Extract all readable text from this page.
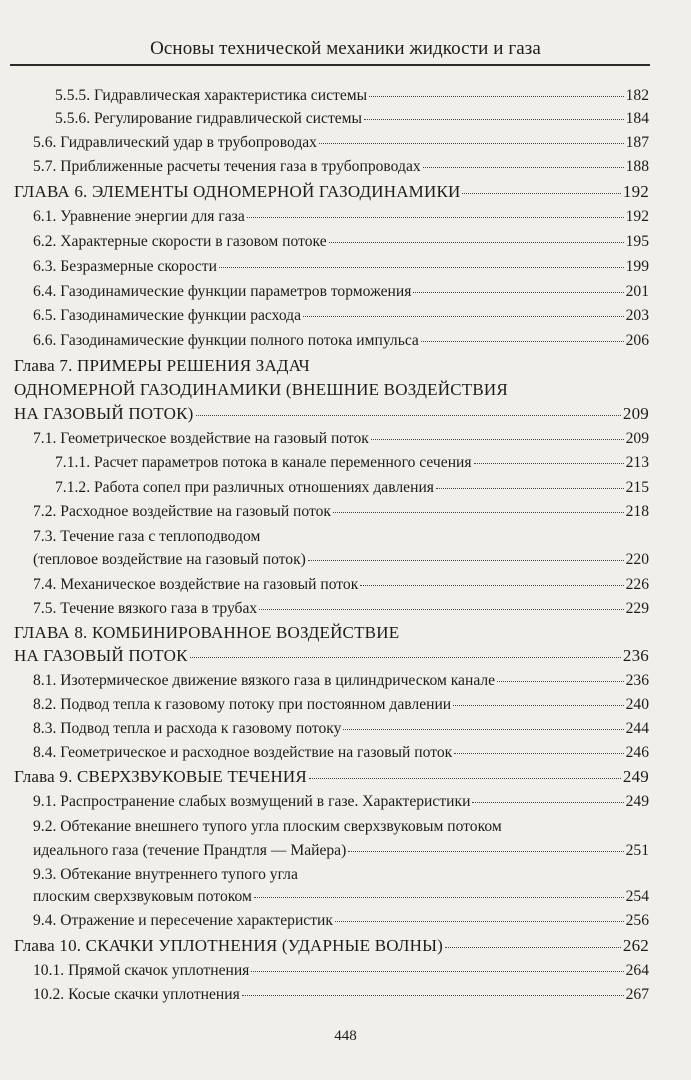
Основы технической механики жидкости и газа
5.5.5. Гидравлическая характеристика системы	182
5.5.6. Регулирование гидравлической системы	184
5.6. Гидравлический удар в трубопроводах	187
5.7. Приближенные расчеты течения газа в трубопроводах	188
ГЛАВА 6. ЭЛЕМЕНТЫ ОДНОМЕРНОЙ ГАЗОДИНАМИКИ	192
6.1. Уравнение энергии для газа	192
6.2. Характерные скорости в газовом потоке	195
6.3. Безразмерные скорости	199
6.4. Газодинамические функции параметров торможения	201
6.5. Газодинамические функции расхода	203
6.6. Газодинамические функции полного потока импульса	206
Глава 7. ПРИМЕРЫ РЕШЕНИЯ ЗАДАЧ
ОДНОМЕРНОЙ ГАЗОДИНАМИКИ (ВНЕШНИЕ ВОЗДЕЙСТВИЯ
НА ГАЗОВЫЙ ПОТОК)	209
7.1. Геометрическое воздействие на газовый поток	209
7.1.1. Расчет параметров потока в канале переменного сечения	213
7.1.2. Работа сопел при различных отношениях давления	215
7.2. Расходное воздействие на газовый поток	218
7.3. Течение газа с теплоподводом
(тепловое воздействие на газовый поток)	220
7.4. Механическое воздействие на газовый поток	226
7.5. Течение вязкого газа в трубах	229
ГЛАВА 8. КОМБИНИРОВАННОЕ ВОЗДЕЙСТВИЕ
НА ГАЗОВЫЙ ПОТОК	236
8.1. Изотермическое движение вязкого газа в цилиндрическом канале	236
8.2. Подвод тепла к газовому потоку при постоянном давлении	240
8.3. Подвод тепла и расхода к газовому потоку	244
8.4. Геометрическое и расходное воздействие на газовый поток	246
Глава 9. СВЕРХЗВУКОВЫЕ ТЕЧЕНИЯ	249
9.1. Распространение слабых возмущений в газе. Характеристики	249
9.2. Обтекание внешнего тупого угла плоским сверхзвуковым потоком
идеального газа (течение Прандтля — Майера)	251
9.3. Обтекание внутреннего тупого угла
плоским сверхзвуковым потоком	254
9.4. Отражение и пересечение характеристик	256
Глава 10. СКАЧКИ УПЛОТНЕНИЯ (УДАРНЫЕ ВОЛНЫ)	262
10.1. Прямой скачок уплотнения	264
10.2. Косые скачки уплотнения	267
448
